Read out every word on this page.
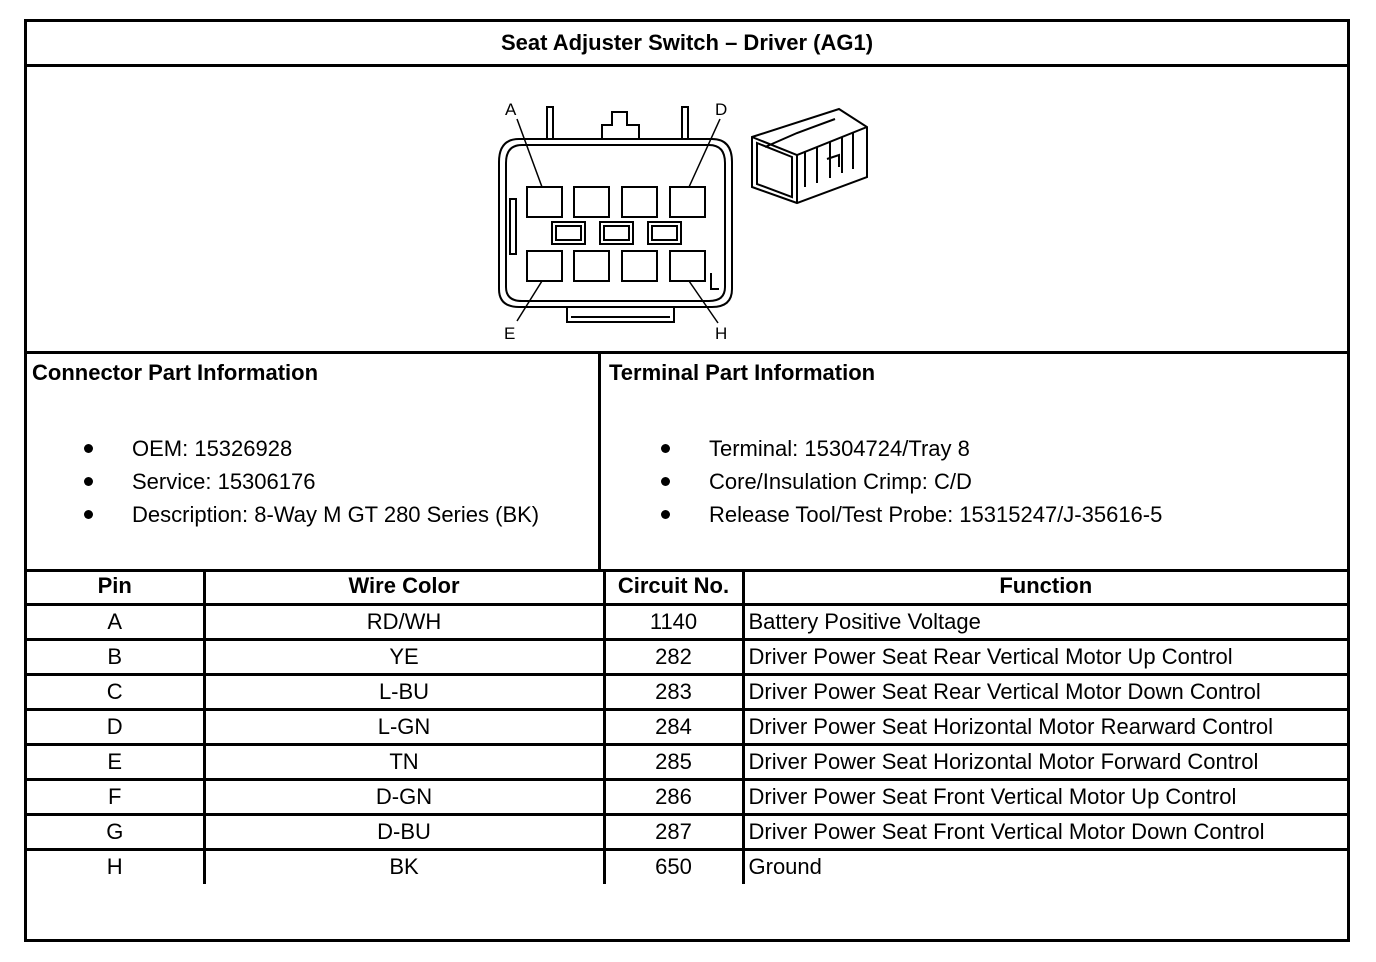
Seat Adjuster Switch – Driver (AG1)
A	D
E	H
Connector Part Information
OEM: 15326928
Service: 15306176
Description: 8-Way M GT 280 Series (BK)
Terminal Part Information
Terminal: 15304724/Tray 8
Core/Insulation Crimp: C/D
Release Tool/Test Probe: 15315247/J-35616-5
Pin	Wire Color	Circuit No.	Function
A	RD/WH	1140	Battery Positive Voltage
B	YE	282	Driver Power Seat Rear Vertical Motor Up Control
C	L-BU	283	Driver Power Seat Rear Vertical Motor Down Control
D	L-GN	284	Driver Power Seat Horizontal Motor Rearward Control
E	TN	285	Driver Power Seat Horizontal Motor Forward Control
F	D-GN	286	Driver Power Seat Front Vertical Motor Up Control
G	D-BU	287	Driver Power Seat Front Vertical Motor Down Control
H	BK	650	Ground
